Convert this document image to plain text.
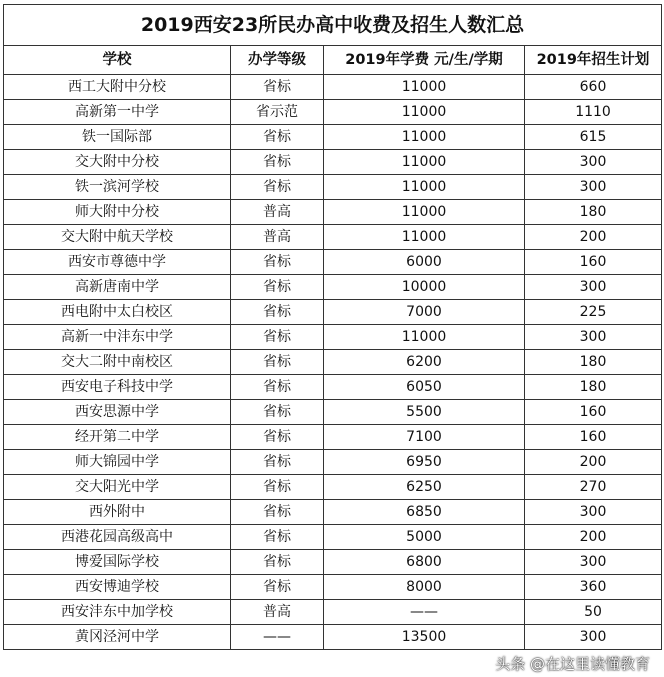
2019西安23所民办高中收费及招生人数汇总			
学校	办学等级	2019年学费 元/生/学期	2019年招生计划
西工大附中分校	省标	11000	660
高新第一中学	省示范	11000	1110
铁一国际部	省标	11000	615
交大附中分校	省标	11000	300
铁一滨河学校	省标	11000	300
师大附中分校	普高	11000	180
交大附中航天学校	普高	11000	200
西安市尊德中学	省标	6000	160
高新唐南中学	省标	10000	300
西电附中太白校区	省标	7000	225
高新一中沣东中学	省标	11000	300
交大二附中南校区	省标	6200	180
西安电子科技中学	省标	6050	180
西安思源中学	省标	5500	160
经开第二中学	省标	7100	160
师大锦园中学	省标	6950	200
交大阳光中学	省标	6250	270
西外附中	省标	6850	300
西港花园高级高中	省标	5000	200
博爱国际学校	省标	6800	300
西安博迪学校	省标	8000	360
西安沣东中加学校	普高	——	50
黄冈泾河中学	——	13500	300
头条 @在这里读懂教育
